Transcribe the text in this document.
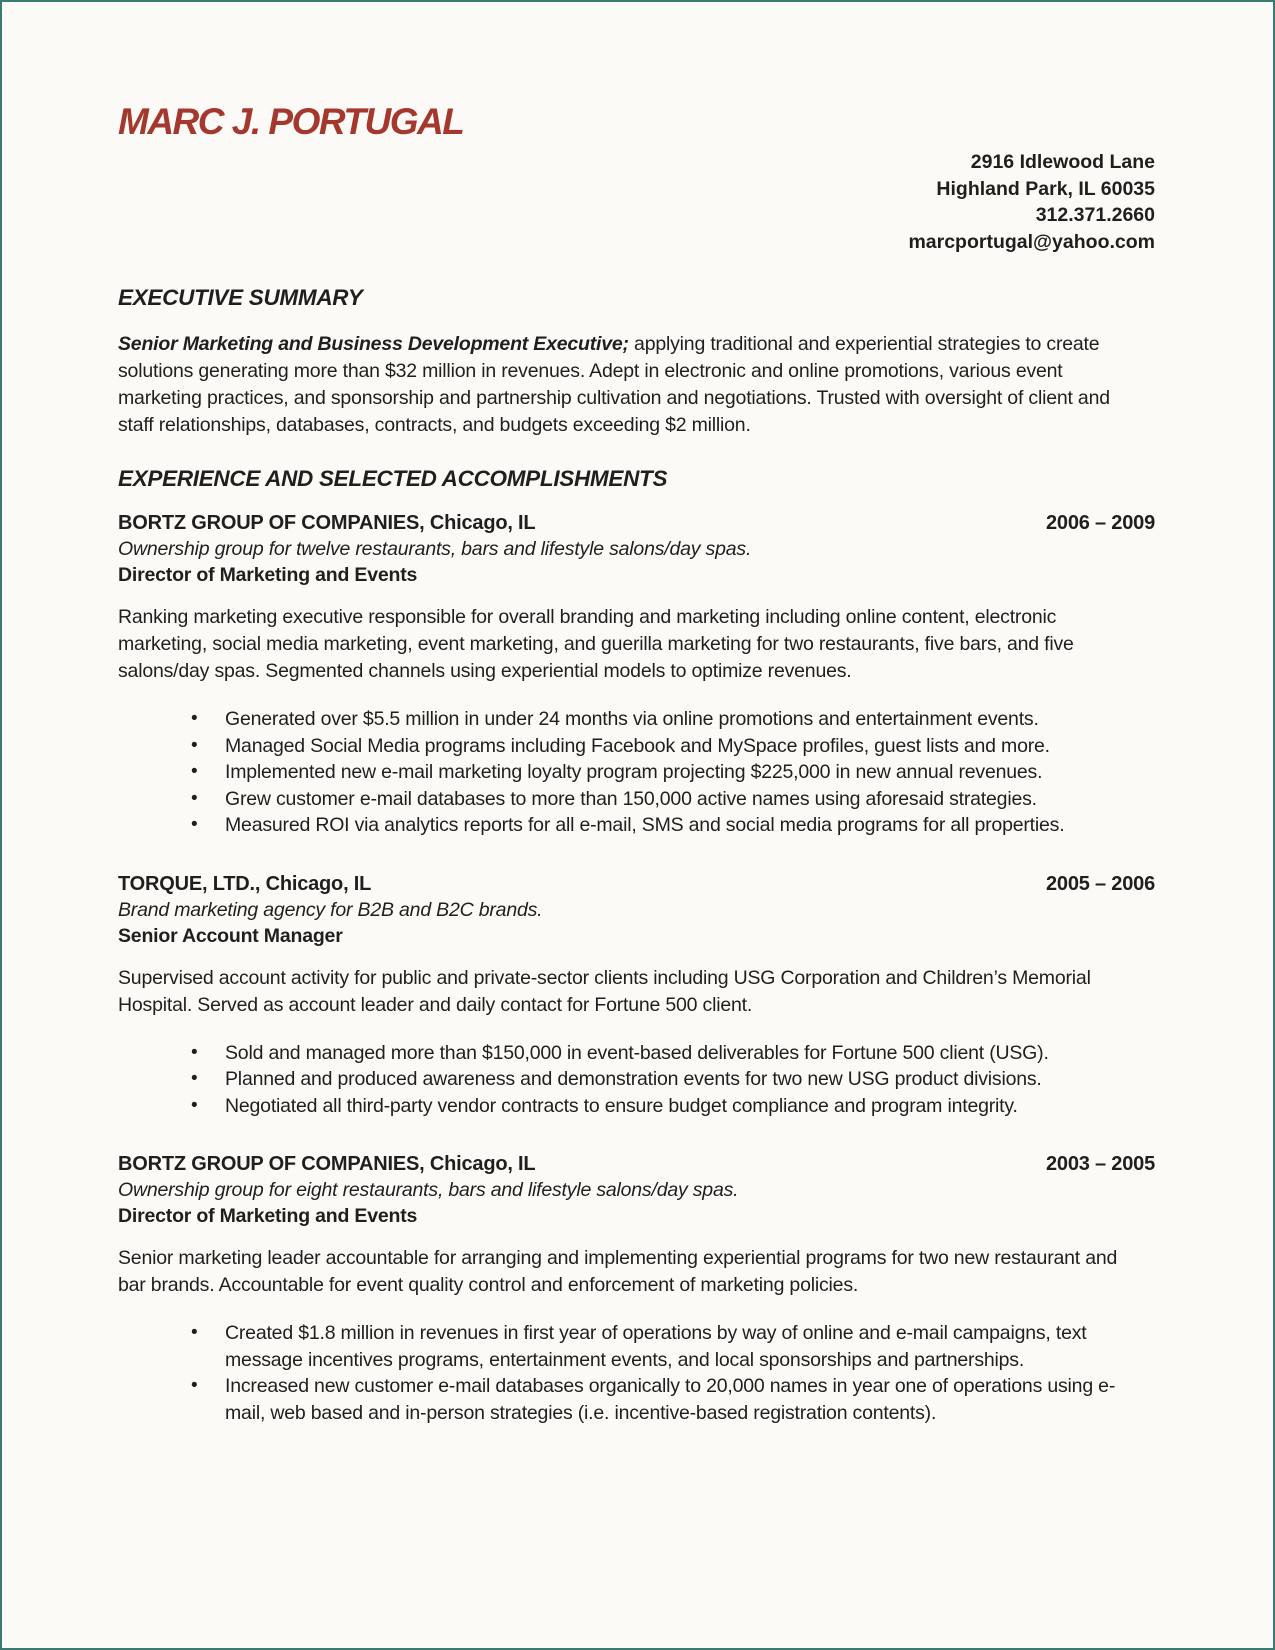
MARC J. PORTUGAL
2916 Idlewood Lane
Highland Park, IL 60035
312.371.2660
marcportugal@yahoo.com
EXECUTIVE SUMMARY

Senior Marketing and Business Development Executive; applying traditional and experiential strategies to create solutions generating more than $32 million in revenues. Adept in electronic and online promotions, various event marketing practices, and sponsorship and partnership cultivation and negotiations. Trusted with oversight of client and staff relationships, databases, contracts, and budgets exceeding $2 million.

EXPERIENCE AND SELECTED ACCOMPLISHMENTS
BORTZ GROUP OF COMPANIES, Chicago, IL	2006 – 2009
Ownership group for twelve restaurants, bars and lifestyle salons/day spas.
Director of Marketing and Events

Ranking marketing executive responsible for overall branding and marketing including online content, electronic marketing, social media marketing, event marketing, and guerilla marketing for two restaurants, five bars, and five salons/day spas. Segmented channels using experiential models to optimize revenues.

• Generated over $5.5 million in under 24 months via online promotions and entertainment events.
• Managed Social Media programs including Facebook and MySpace profiles, guest lists and more.
• Implemented new e-mail marketing loyalty program projecting $225,000 in new annual revenues.
• Grew customer e-mail databases to more than 150,000 active names using aforesaid strategies.
• Measured ROI via analytics reports for all e-mail, SMS and social media programs for all properties.
TORQUE, LTD., Chicago, IL	2005 – 2006
Brand marketing agency for B2B and B2C brands.
Senior Account Manager

Supervised account activity for public and private-sector clients including USG Corporation and Children’s Memorial Hospital. Served as account leader and daily contact for Fortune 500 client.

• Sold and managed more than $150,000 in event-based deliverables for Fortune 500 client (USG).
• Planned and produced awareness and demonstration events for two new USG product divisions.
• Negotiated all third-party vendor contracts to ensure budget compliance and program integrity.
BORTZ GROUP OF COMPANIES, Chicago, IL	2003 – 2005
Ownership group for eight restaurants, bars and lifestyle salons/day spas.
Director of Marketing and Events

Senior marketing leader accountable for arranging and implementing experiential programs for two new restaurant and bar brands. Accountable for event quality control and enforcement of marketing policies.

• Created $1.8 million in revenues in first year of operations by way of online and e-mail campaigns, text message incentives programs, entertainment events, and local sponsorships and partnerships.
• Increased new customer e-mail databases organically to 20,000 names in year one of operations using e-mail, web based and in-person strategies (i.e. incentive-based registration contents).
